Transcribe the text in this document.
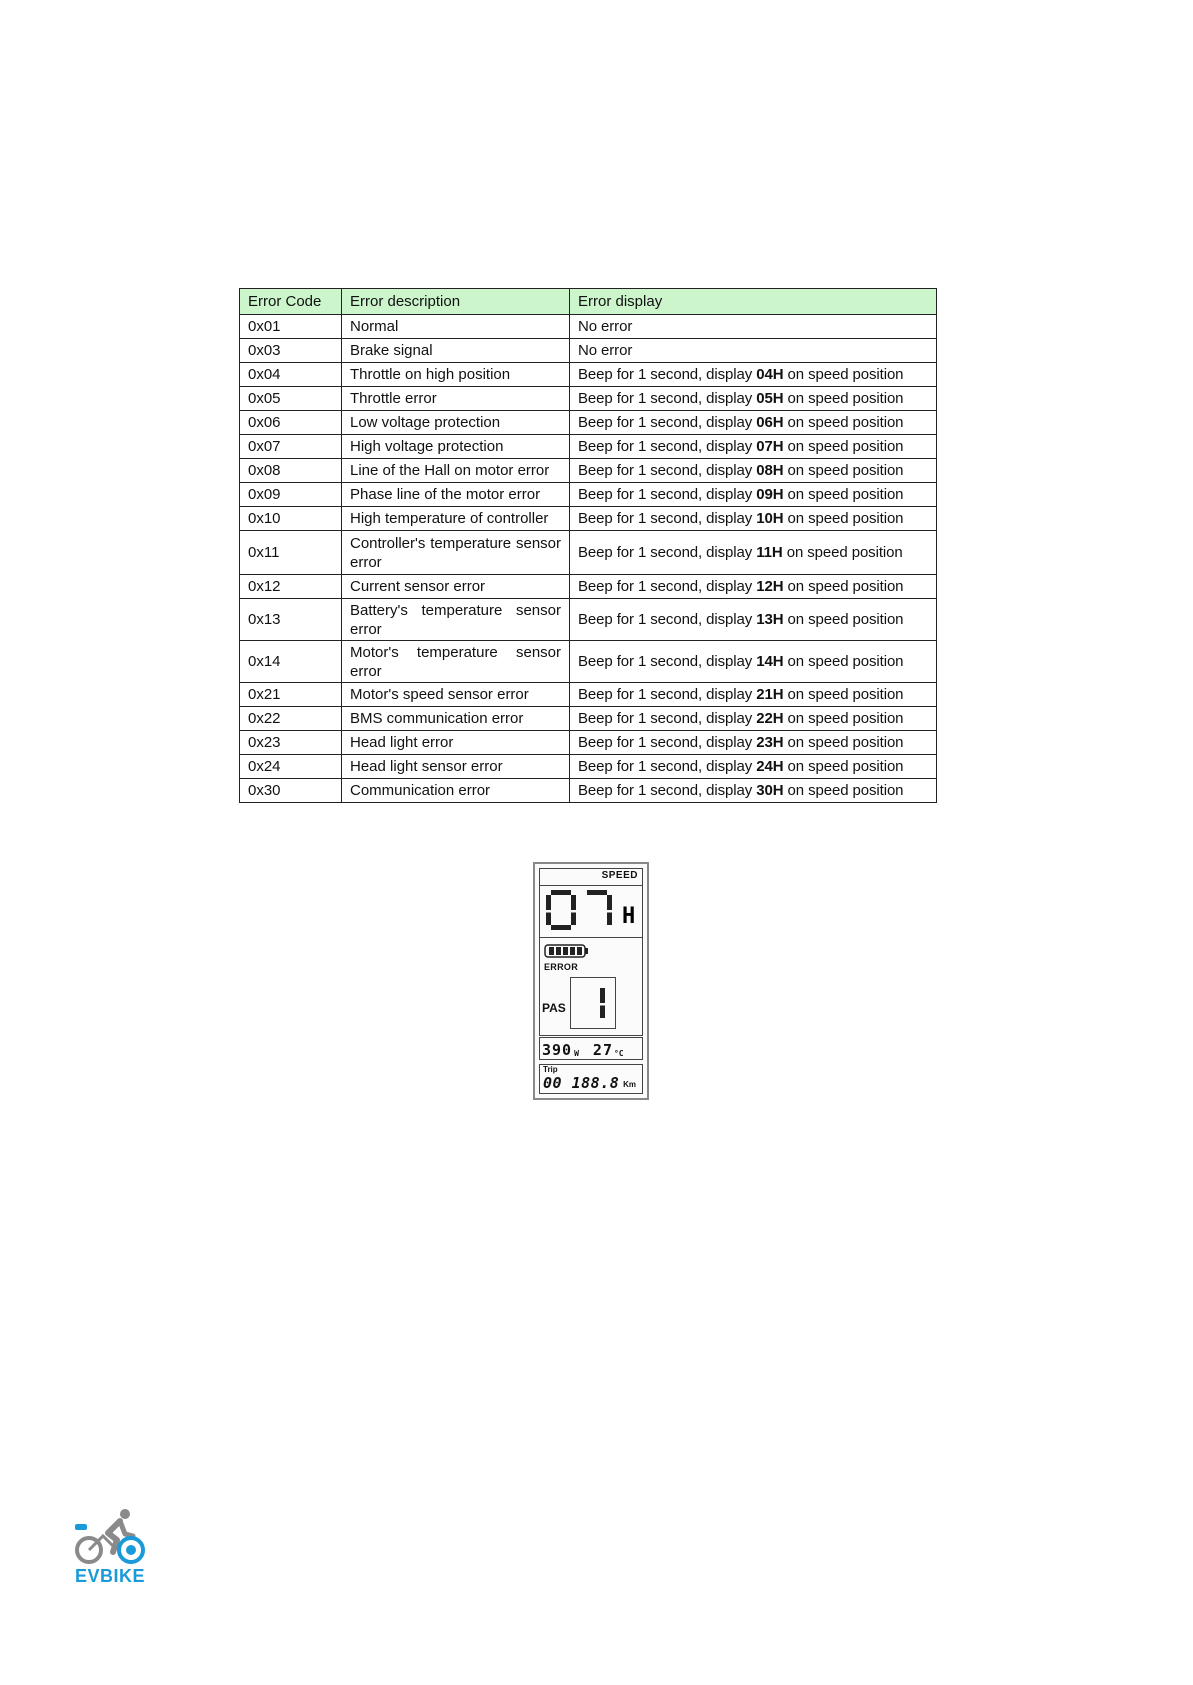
Error Code	Error description	Error display
0x01	Normal	No error
0x03	Brake signal	No error
0x04	Throttle on high position	Beep for 1 second, display 04H on speed position
0x05	Throttle error	Beep for 1 second, display 05H on speed position
0x06	Low voltage protection	Beep for 1 second, display 06H on speed position
0x07	High voltage protection	Beep for 1 second, display 07H on speed position
0x08	Line of the Hall on motor error	Beep for 1 second, display 08H on speed position
0x09	Phase line of the motor error	Beep for 1 second, display 09H on speed position
0x10	High temperature of controller	Beep for 1 second, display 10H on speed position
0x11	Controller's temperature sensor error	Beep for 1 second, display 11H on speed position
0x12	Current sensor error	Beep for 1 second, display 12H on speed position
0x13	Battery's temperature sensor error	Beep for 1 second, display 13H on speed position
0x14	Motor's temperature sensor error	Beep for 1 second, display 14H on speed position
0x21	Motor's speed sensor error	Beep for 1 second, display 21H on speed position
0x22	BMS communication error	Beep for 1 second, display 22H on speed position
0x23	Head light error	Beep for 1 second, display 23H on speed position
0x24	Head light sensor error	Beep for 1 second, display 24H on speed position
0x30	Communication error	Beep for 1 second, display 30H on speed position
SPEED
H
ERROR
PAS
390 W 27 °C
Trip
00 188.8 Km
EVBIKE
